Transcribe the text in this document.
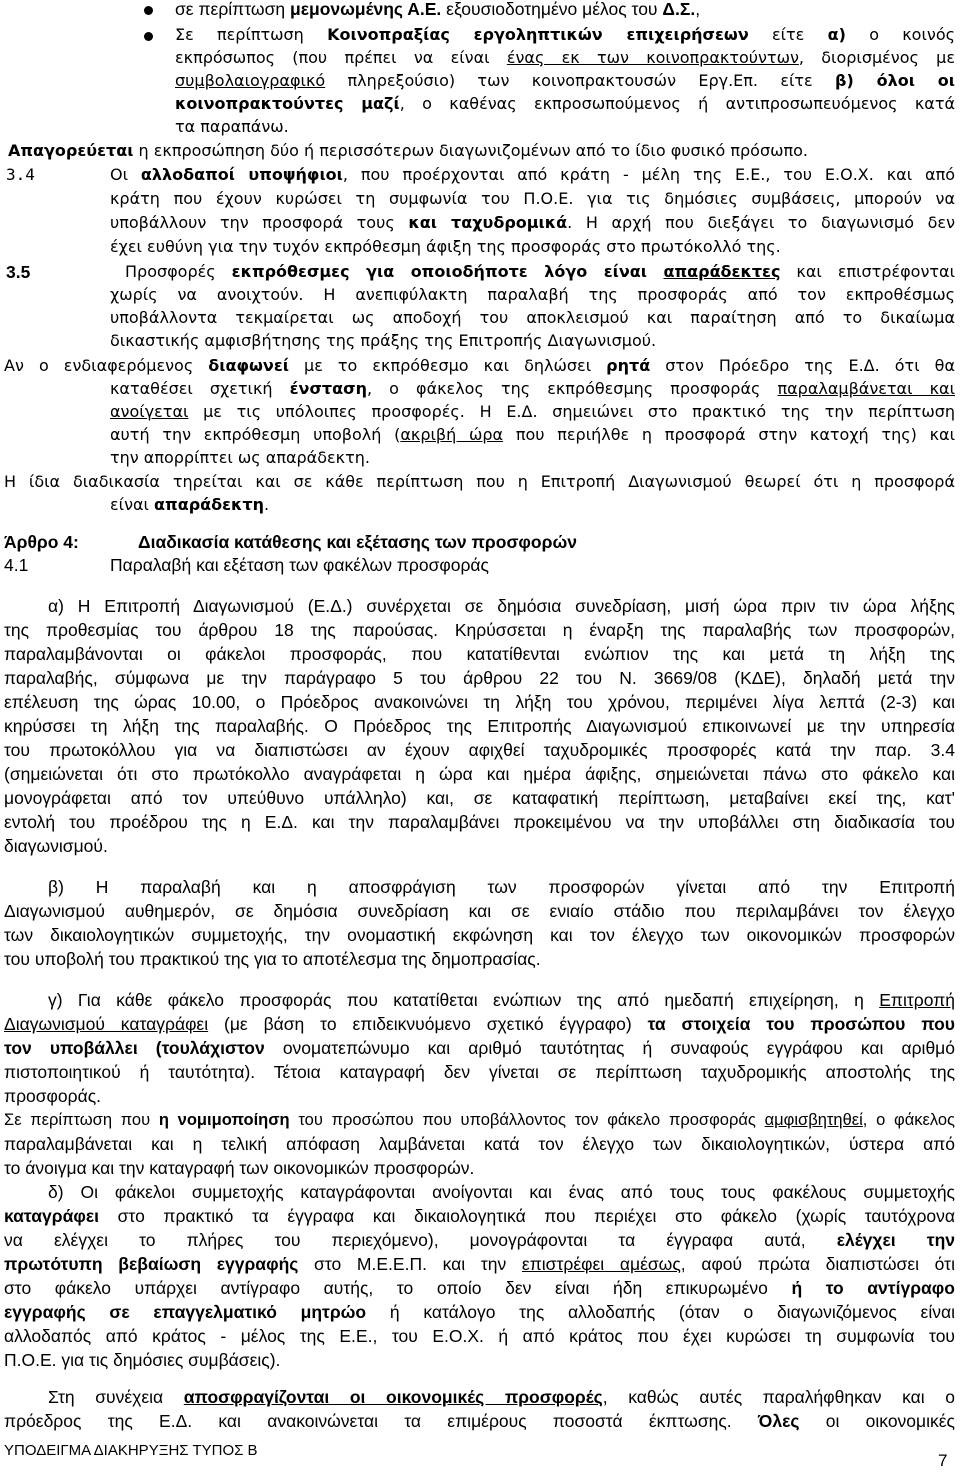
σε περίπτωση μεμονωμένης Α.Ε. εξουσιοδοτημένο μέλος του Δ.Σ.,
Σε περίπτωση Κοινοπραξίας εργοληπτικών επιχειρήσεων είτε α) ο κοινός
εκπρόσωπος (που πρέπει να είναι ένας εκ των κοινοπρακτούντων, διορισμένος με
συμβολαιογραφικό πληρεξούσιο) των κοινοπρακτουσών Εργ.Επ. είτε β) όλοι οι
κοινοπρακτούντες μαζί, ο καθένας εκπροσωπούμενος ή αντιπροσωπευόμενος κατά
τα παραπάνω.
Απαγορεύεται η εκπροσώπηση δύο ή περισσότερων διαγωνιζομένων από το ίδιο φυσικό πρόσωπο.
3.4	Οι αλλοδαποί υποψήφιοι, που προέρχονται από κράτη - μέλη της Ε.Ε., του Ε.Ο.Χ. και από
κράτη που έχουν κυρώσει τη συμφωνία του Π.Ο.Ε. για τις δημόσιες συμβάσεις, μπορούν να
υποβάλλουν την προσφορά τους και ταχυδρομικά. Η αρχή που διεξάγει το διαγωνισμό δεν
έχει ευθύνη για την τυχόν εκπρόθεσμη άφιξη της προσφοράς στο πρωτόκολλό της.
3.5	Προσφορές εκπρόθεσμες για οποιοδήποτε λόγο είναι απαράδεκτες και επιστρέφονται
χωρίς να ανοιχτούν. Η ανεπιφύλακτη παραλαβή της προσφοράς από τον εκπροθέσμως
υποβάλλοντα τεκμαίρεται ως αποδοχή του αποκλεισμού και παραίτηση από το δικαίωμα
δικαστικής αμφισβήτησης της πράξης της Επιτροπής Διαγωνισμού.
Αν ο ενδιαφερόμενος διαφωνεί με το εκπρόθεσμο και δηλώσει ρητά στον Πρόεδρο της Ε.Δ. ότι θα
καταθέσει σχετική ένσταση, ο φάκελος της εκπρόθεσμης προσφοράς παραλαμβάνεται και
ανοίγεται με τις υπόλοιπες προσφορές. Η Ε.Δ. σημειώνει στο πρακτικό της την περίπτωση
αυτή την εκπρόθεσμη υποβολή (ακριβή ώρα που περιήλθε η προσφορά στην κατοχή της) και
την απορρίπτει ως απαράδεκτη.
Η ίδια διαδικασία τηρείται και σε κάθε περίπτωση που η Επιτροπή Διαγωνισμού θεωρεί ότι η προσφορά
είναι απαράδεκτη.
Άρθρο 4:	Διαδικασία κατάθεσης και εξέτασης των προσφορών
4.1	Παραλαβή και εξέταση των φακέλων προσφοράς
α) Η Επιτροπή Διαγωνισμού (Ε.Δ.) συνέρχεται σε δημόσια συνεδρίαση, μισή ώρα πριν τιν ώρα λήξης
της προθεσμίας του άρθρου 18 της παρούσας. Κηρύσσεται η έναρξη της παραλαβής των προσφορών,
παραλαμβάνονται οι φάκελοι προσφοράς, που κατατίθενται ενώπιον της και μετά τη λήξη της
παραλαβής, σύμφωνα με την παράγραφο 5 του άρθρου 22 του Ν. 3669/08 (ΚΔΕ), δηλαδή μετά την
επέλευση της ώρας 10.00, ο Πρόεδρος ανακοινώνει τη λήξη του χρόνου, περιμένει λίγα λεπτά (2-3) και
κηρύσσει τη λήξη της παραλαβής. Ο Πρόεδρος της Επιτροπής Διαγωνισμού επικοινωνεί με την υπηρεσία
του πρωτοκόλλου για να διαπιστώσει αν έχουν αφιχθεί ταχυδρομικές προσφορές κατά την παρ. 3.4
(σημειώνεται ότι στο πρωτόκολλο αναγράφεται η ώρα και ημέρα άφιξης, σημειώνεται πάνω στο φάκελο και
μονογράφεται από τον υπεύθυνο υπάλληλο) και, σε καταφατική περίπτωση, μεταβαίνει εκεί της, κατ'
εντολή του προέδρου της η Ε.Δ. και την παραλαμβάνει προκειμένου να την υποβάλλει στη διαδικασία του
διαγωνισμού.
β) Η παραλαβή και η αποσφράγιση των προσφορών γίνεται από την Επιτροπή
Διαγωνισμού αυθημερόν, σε δημόσια συνεδρίαση και σε ενιαίο στάδιο που περιλαμβάνει τον έλεγχο
των δικαιολογητικών συμμετοχής, την ονομαστική εκφώνηση και τον έλεγχο των οικονομικών προσφορών
του υποβολή του πρακτικού της για το αποτέλεσμα της δημοπρασίας.
γ) Για κάθε φάκελο προσφοράς που κατατίθεται ενώπιων της από ημεδαπή επιχείρηση, η Επιτροπή
Διαγωνισμού καταγράφει (με βάση το επιδεικνυόμενο σχετικό έγγραφο) τα στοιχεία του προσώπου που
τον υποβάλλει (τουλάχιστον ονοματεπώνυμο και αριθμό ταυτότητας ή συναφούς εγγράφου και αριθμό
πιστοποιητικού ή ταυτότητα). Τέτοια καταγραφή δεν γίνεται σε περίπτωση ταχυδρομικής αποστολής της
προσφοράς.
Σε περίπτωση που η νομιμοποίηση του προσώπου που υποβάλλοντος τον φάκελο προσφοράς αμφισβητηθεί, ο φάκελος
παραλαμβάνεται και η τελική απόφαση λαμβάνεται κατά τον έλεγχο των δικαιολογητικών, ύστερα από
το άνοιγμα και την καταγραφή των οικονομικών προσφορών.
δ) Οι φάκελοι συμμετοχής καταγράφονται ανοίγονται και ένας από τους τους φακέλους συμμετοχής
καταγράφει στο πρακτικό τα έγγραφα και δικαιολογητικά που περιέχει στο φάκελο (χωρίς ταυτόχρονα
να ελέγχει το πλήρες του περιεχόμενο), μονογράφονται τα έγγραφα αυτά, ελέγχει την
πρωτότυπη βεβαίωση εγγραφής στο Μ.Ε.Ε.Π. και την επιστρέφει αμέσως, αφού πρώτα διαπιστώσει ότι
στο φάκελο υπάρχει αντίγραφο αυτής, το οποίο δεν είναι ήδη επικυρωμένο ή το αντίγραφο
εγγραφής σε επαγγελματικό μητρώο ή κατάλογο της αλλοδαπής (όταν ο διαγωνιζόμενος είναι
αλλοδαπός από κράτος - μέλος της Ε.Ε., του Ε.Ο.Χ. ή από κράτος που έχει κυρώσει τη συμφωνία του
Π.Ο.Ε. για τις δημόσιες συμβάσεις).
Στη συνέχεια αποσφραγίζονται οι οικονομικές προσφορές, καθώς αυτές παραλήφθηκαν και ο
πρόεδρος της Ε.Δ. και ανακοινώνεται τα επιμέρους ποσοστά έκπτωσης. Όλες οι οικονομικές
ΥΠΟΔΕΙΓΜΑ ΔΙΑΚΗΡΥΞΗΣ ΤΥΠΟΣ Β
7
